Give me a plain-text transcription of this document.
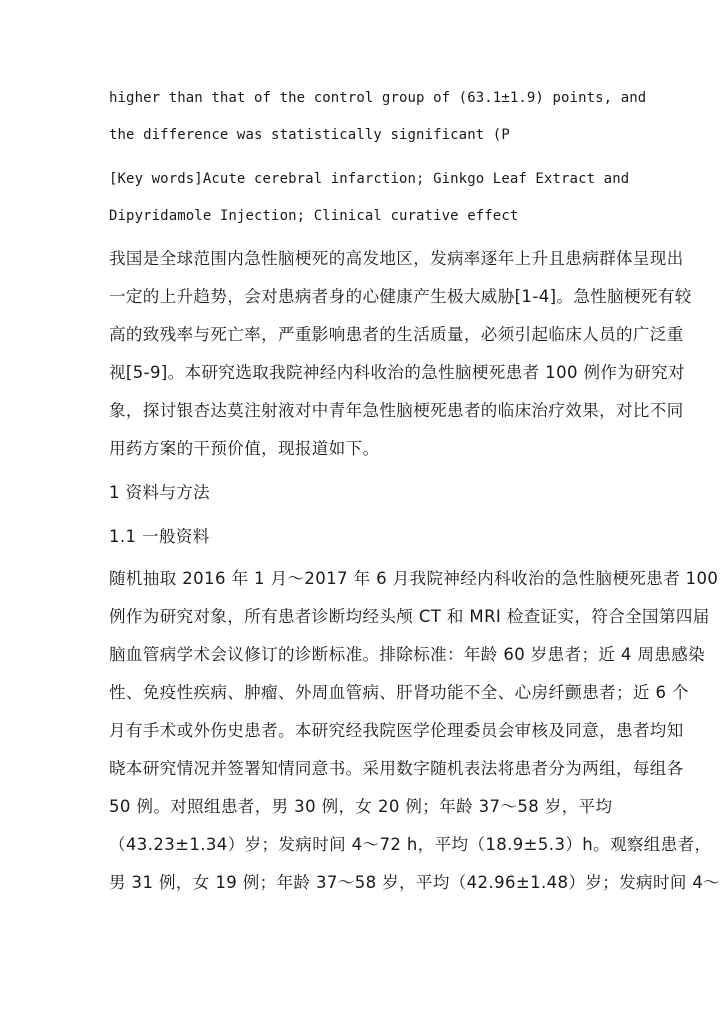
higher than that of the control group of (63.1±1.9) points, and
the difference was statistically significant (P
[Key words]Acute cerebral infarction; Ginkgo Leaf Extract and
Dipyridamole Injection; Clinical curative effect
我国是全球范围内急性脑梗死的高发地区，发病率逐年上升且患病群体呈现出
一定的上升趋势，会对患病者身的心健康产生极大威胁[1-4]。急性脑梗死有较
高的致残率与死亡率，严重影响患者的生活质量，必须引起临床人员的广泛重
视[5-9]。本研究选取我院神经内科收治的急性脑梗死患者 100 例作为研究对
象，探讨银杏达莫注射液对中青年急性脑梗死患者的临床治疗效果，对比不同
用药方案的干预价值，现报道如下。
1 资料与方法
1.1 一般资料
随机抽取 2016 年 1 月～2017 年 6 月我院神经内科收治的急性脑梗死患者 100
例作为研究对象，所有患者诊断均经头颅 CT 和 MRI 检查证实，符合全国第四届
脑血管病学术会议修订的诊断标准。排除标准：年龄 60 岁患者；近 4 周患感染
性、免疫性疾病、肿瘤、外周血管病、肝肾功能不全、心房纤颤患者；近 6 个
月有手术或外伤史患者。本研究经我院医学伦理委员会审核及同意，患者均知
晓本研究情况并签署知情同意书。采用数字随机表法将患者分为两组，每组各
50 例。对照组患者，男 30 例，女 20 例；年龄 37～58 岁，平均
（43.23±1.34）岁；发病时间 4～72 h，平均（18.9±5.3）h。观察组患者，
男 31 例，女 19 例；年龄 37～58 岁，平均（42.96±1.48）岁；发病时间 4～
